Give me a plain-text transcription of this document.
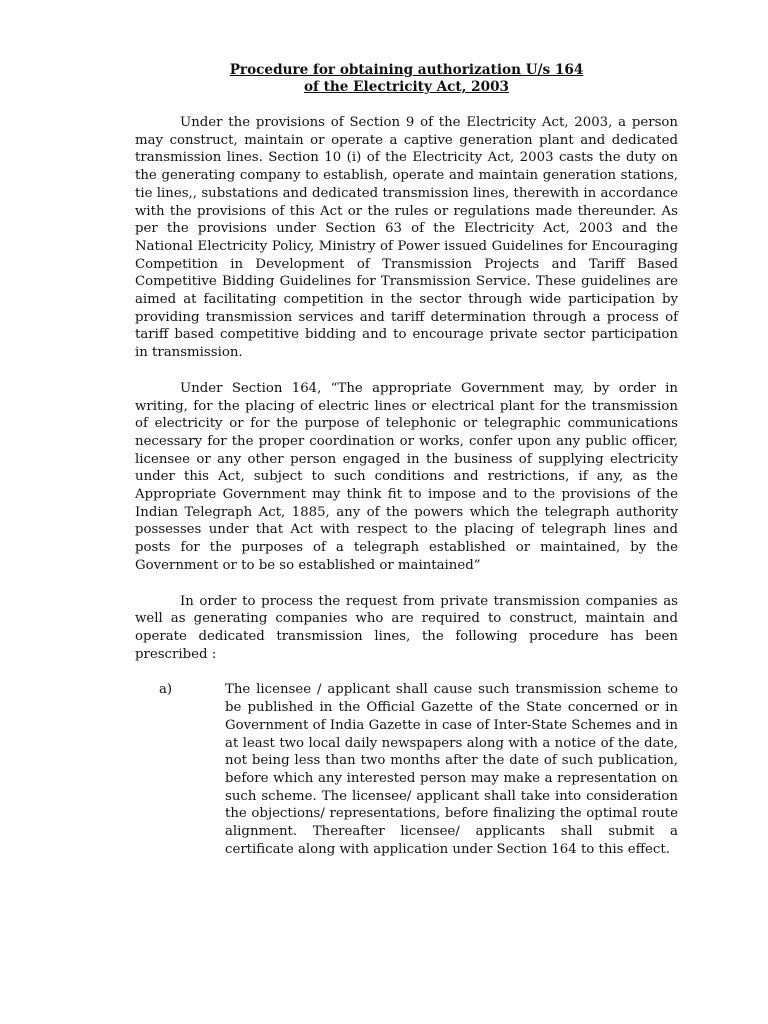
Procedure for obtaining authorization U/s 164
of the Electricity Act, 2003

Under the provisions of Section 9 of the Electricity Act, 2003, a person may construct, maintain or operate a captive generation plant and dedicated transmission lines. Section 10 (i) of the Electricity Act, 2003 casts the duty on the generating company to establish, operate and maintain generation stations, tie lines,, substations and dedicated transmission lines, therewith in accordance with the provisions of this Act or the rules or regulations made thereunder. As per the provisions under Section 63 of the Electricity Act, 2003 and the National Electricity Policy, Ministry of Power issued Guidelines for Encouraging Competition in Development of Transmission Projects and Tariff Based Competitive Bidding Guidelines for Transmission Service. These guidelines are aimed at facilitating competition in the sector through wide participation by providing transmission services and tariff determination through a process of tariff based competitive bidding and to encourage private sector participation in transmission.

Under Section 164, “The appropriate Government may, by order in writing, for the placing of electric lines or electrical plant for the transmission of electricity or for the purpose of telephonic or telegraphic communications necessary for the proper coordination or works, confer upon any public officer, licensee or any other person engaged in the business of supplying electricity under this Act, subject to such conditions and restrictions, if any, as the Appropriate Government may think fit to impose and to the provisions of the Indian Telegraph Act, 1885, any of the powers which the telegraph authority possesses under that Act with respect to the placing of telegraph lines and posts for the purposes of a telegraph established or maintained, by the Government or to be so established or maintained”

In order to process the request from private transmission companies as well as generating companies who are required to construct, maintain and operate dedicated transmission lines, the following procedure has been prescribed :

a)	The licensee / applicant shall cause such transmission scheme to be published in the Official Gazette of the State concerned or in Government of India Gazette in case of Inter-State Schemes and in at least two local daily newspapers along with a notice of the date, not being less than two months after the date of such publication, before which any interested person may make a representation on such scheme. The licensee/ applicant shall take into consideration the objections/ representations, before finalizing the optimal route alignment. Thereafter licensee/ applicants shall submit a certificate along with application under Section 164 to this effect.
